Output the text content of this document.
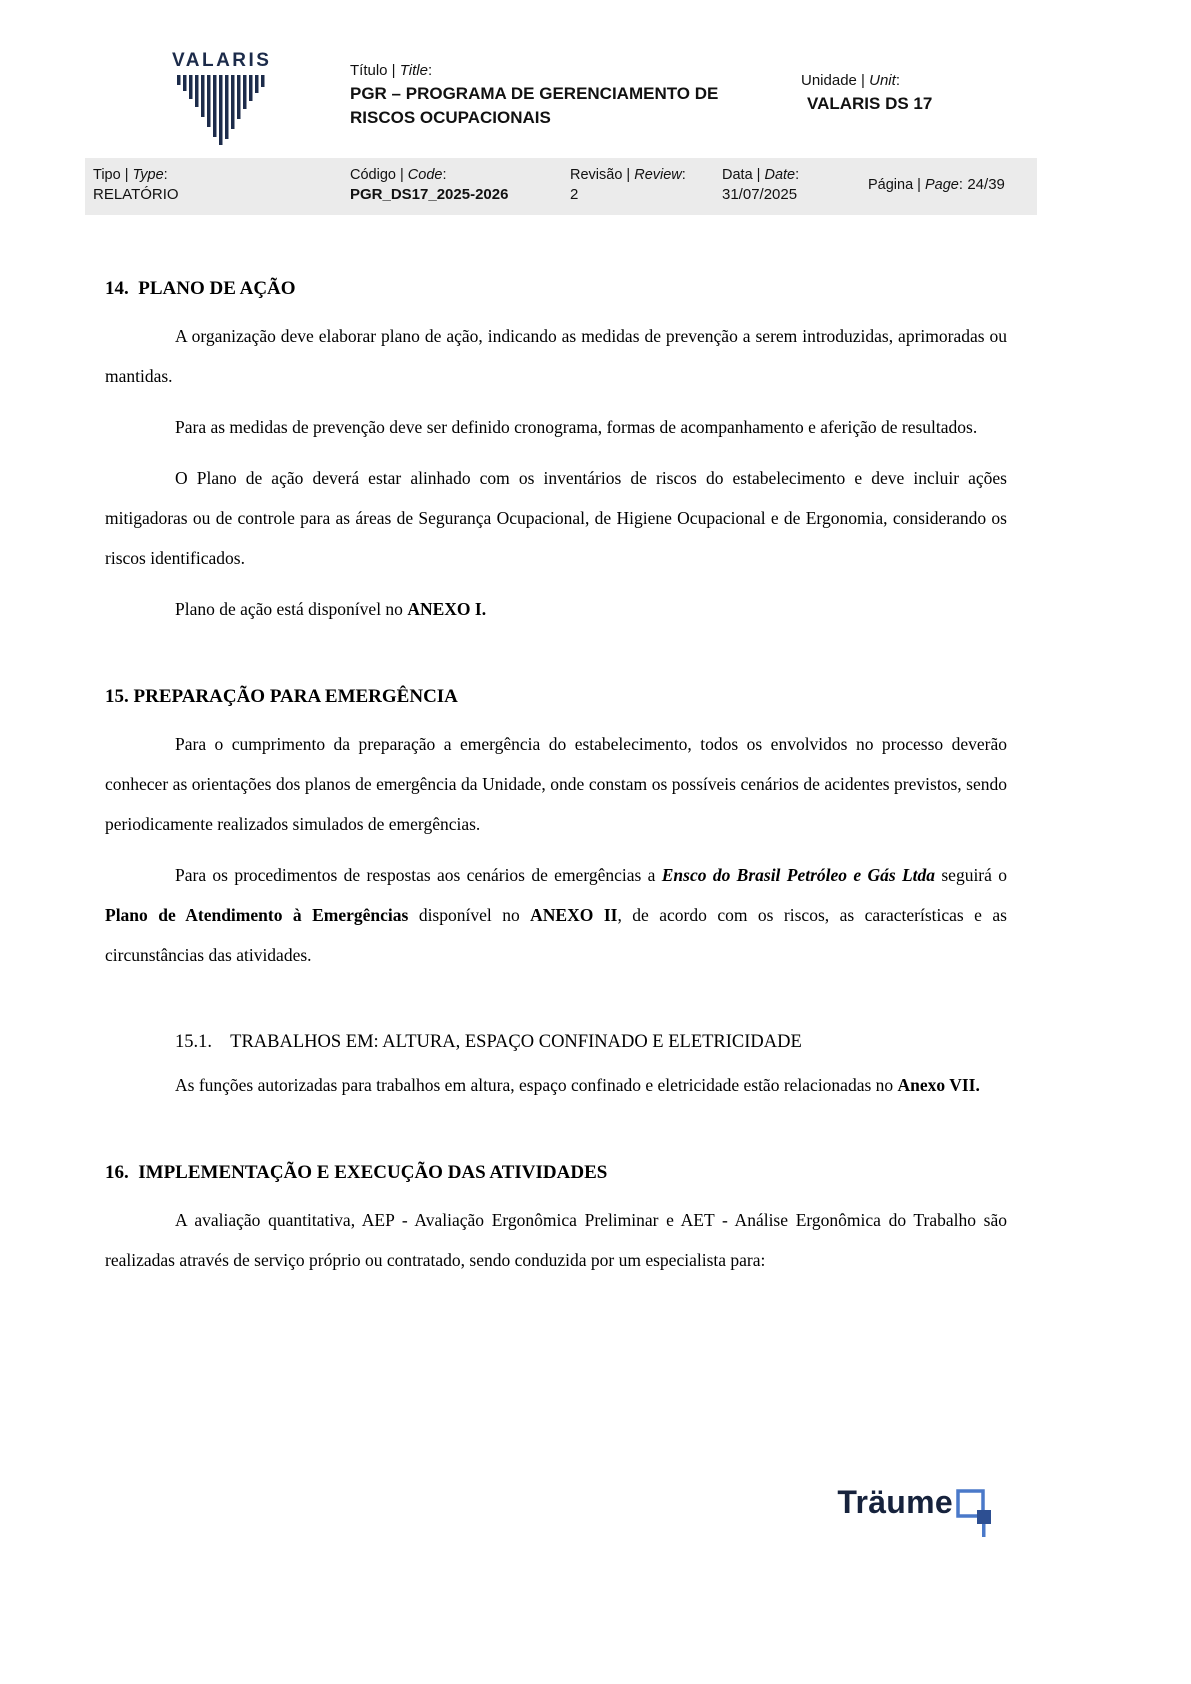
VALARIS	Título | Title:
PGR – PROGRAMA DE GERENCIAMENTO DE RISCOS OCUPACIONAIS
Unidade | Unit:
VALARIS DS 17
Tipo | Type:
RELATÓRIO
Código | Code:
PGR_DS17_2025-2026
Revisão | Review:
2
Data | Date:
31/07/2025
Página | Page: 24/39
14.  PLANO DE AÇÃO

A organização deve elaborar plano de ação, indicando as medidas de prevenção a serem introduzidas, aprimoradas ou mantidas.

Para as medidas de prevenção deve ser definido cronograma, formas de acompanhamento e aferição de resultados.

O Plano de ação deverá estar alinhado com os inventários de riscos do estabelecimento e deve incluir ações mitigadoras ou de controle para as áreas de Segurança Ocupacional, de Higiene Ocupacional e de Ergonomia, considerando os riscos identificados.

Plano de ação está disponível no ANEXO I.

15. PREPARAÇÃO PARA EMERGÊNCIA

Para o cumprimento da preparação a emergência do estabelecimento, todos os envolvidos no processo deverão conhecer as orientações dos planos de emergência da Unidade, onde constam os possíveis cenários de acidentes previstos, sendo periodicamente realizados simulados de emergências.

Para os procedimentos de respostas aos cenários de emergências a Ensco do Brasil Petróleo e Gás Ltda seguirá o Plano de Atendimento à Emergências disponível no ANEXO II, de acordo com os riscos, as características e as circunstâncias das atividades.

15.1.    TRABALHOS EM: ALTURA, ESPAÇO CONFINADO E ELETRICIDADE

As funções autorizadas para trabalhos em altura, espaço confinado e eletricidade estão relacionadas no Anexo VII.

16.  IMPLEMENTAÇÃO E EXECUÇÃO DAS ATIVIDADES

A avaliação quantitativa, AEP - Avaliação Ergonômica Preliminar e AET - Análise Ergonômica do Trabalho são realizadas através de serviço próprio ou contratado, sendo conduzida por um especialista para:

Träume
